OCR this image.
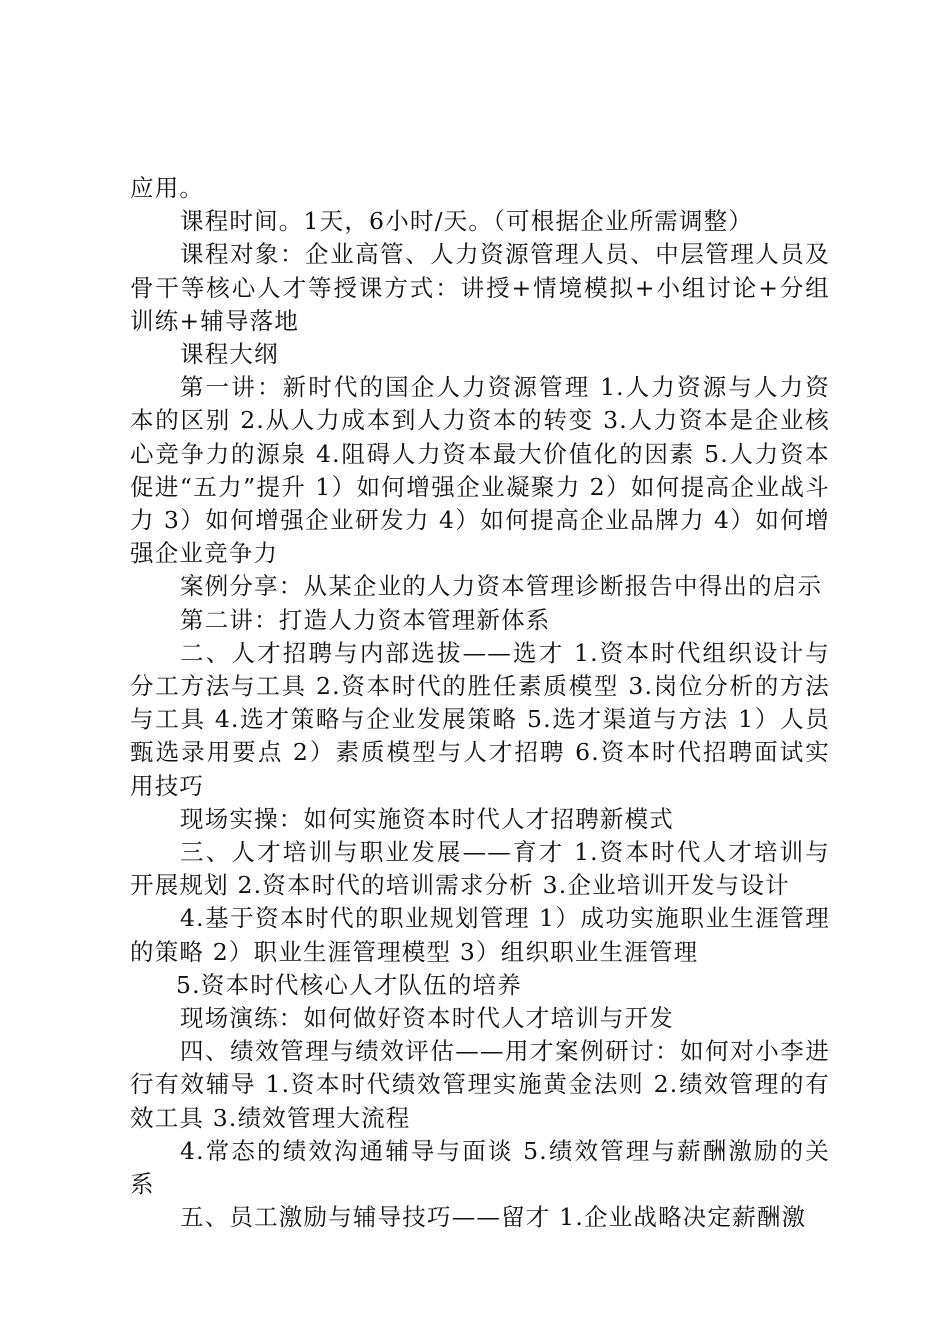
应用。

课程时间。1天，6小时/天。（可根据企业所需调整）

课程对象：企业高管、人力资源管理人员、中层管理人员及骨干等核心人才等授课方式：讲授+情境模拟+小组讨论+分组训练+辅导落地

课程大纲

第一讲：新时代的国企人力资源管理 1.人力资源与人力资本的区别 2.从人力成本到人力资本的转变 3.人力资本是企业核心竞争力的源泉 4.阻碍人力资本最大价值化的因素 5.人力资本促进“五力”提升 1）如何增强企业凝聚力 2）如何提高企业战斗力 3）如何增强企业研发力 4）如何提高企业品牌力 4）如何增强企业竞争力

案例分享：从某企业的人力资本管理诊断报告中得出的启示

第二讲：打造人力资本管理新体系

二、人才招聘与内部选拔——选才 1.资本时代组织设计与分工方法与工具 2.资本时代的胜任素质模型 3.岗位分析的方法与工具 4.选才策略与企业发展策略 5.选才渠道与方法 1）人员甄选录用要点 2）素质模型与人才招聘 6.资本时代招聘面试实用技巧

现场实操：如何实施资本时代人才招聘新模式

三、人才培训与职业发展——育才 1.资本时代人才培训与开展规划 2.资本时代的培训需求分析 3.企业培训开发与设计

4.基于资本时代的职业规划管理 1）成功实施职业生涯管理的策略 2）职业生涯管理模型 3）组织职业生涯管理

5.资本时代核心人才队伍的培养

现场演练：如何做好资本时代人才培训与开发

四、绩效管理与绩效评估——用才案例研讨：如何对小李进行有效辅导 1.资本时代绩效管理实施黄金法则 2.绩效管理的有效工具 3.绩效管理大流程

4.常态的绩效沟通辅导与面谈 5.绩效管理与薪酬激励的关系

五、员工激励与辅导技巧——留才 1.企业战略决定薪酬激
